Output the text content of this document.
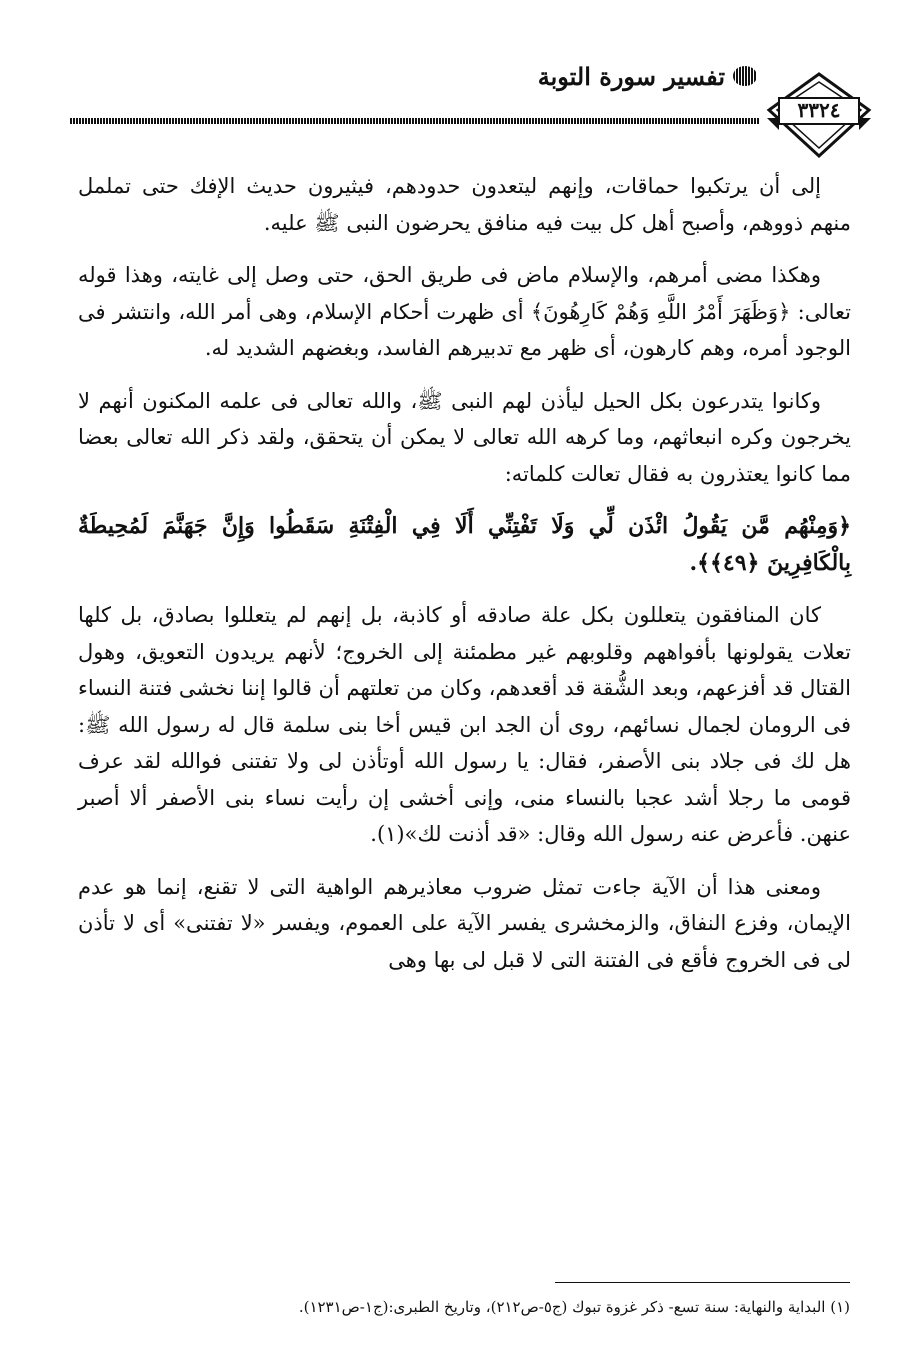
تفسير سورة التوبة
٣٣٢٤

إلى أن يرتكبوا حماقات، وإنهم ليتعدون حدودهم، فيثيرون حديث الإفك حتى تململ منهم ذووهم، وأصبح أهل كل بيت فيه منافق يحرضون النبى ﷺ عليه.

وهكذا مضى أمرهم، والإسلام ماض فى طريق الحق، حتى وصل إلى غايته، وهذا قوله تعالى: ﴿وَظَهَرَ أَمْرُ اللَّهِ وَهُمْ كَارِهُونَ﴾ أى ظهرت أحكام الإسلام، وهى أمر الله، وانتشر فى الوجود أمره، وهم كارهون، أى ظهر مع تدبيرهم الفاسد، وبغضهم الشديد له.

وكانوا يتدرعون بكل الحيل ليأذن لهم النبى ﷺ، والله تعالى فى علمه المكنون أنهم لا يخرجون وكره انبعاثهم، وما كرهه الله تعالى لا يمكن أن يتحقق، ولقد ذكر الله تعالى بعضا مما كانوا يعتذرون به فقال تعالت كلماته:

﴿وَمِنْهُم مَّن يَقُولُ ائْذَن لِّي وَلَا تَفْتِنِّي أَلَا فِي الْفِتْنَةِ سَقَطُوا وَإِنَّ جَهَنَّمَ لَمُحِيطَةٌ بِالْكَافِرِينَ ﴿٤٩﴾﴾.

كان المنافقون يتعللون بكل علة صادقه أو كاذبة، بل إنهم لم يتعللوا بصادق، بل كلها تعلات يقولونها بأفواههم وقلوبهم غير مطمئنة إلى الخروج؛ لأنهم يريدون التعويق، وهول القتال قد أفزعهم، وبعد الشُّقة قد أقعدهم، وكان من تعلتهم أن قالوا إننا نخشى فتنة النساء فى الرومان لجمال نسائهم، روى أن الجد ابن قيس أخا بنى سلمة قال له رسول الله ﷺ: هل لك فى جلاد بنى الأصفر، فقال: يا رسول الله أوتأذن لى ولا تفتنى فوالله لقد عرف قومى ما رجلا أشد عجبا بالنساء منى، وإنى أخشى إن رأيت نساء بنى الأصفر ألا أصبر عنهن. فأعرض عنه رسول الله وقال: «قد أذنت لك»(١).

ومعنى هذا أن الآية جاءت تمثل ضروب معاذيرهم الواهية التى لا تقنع، إنما هو عدم الإيمان، وفزع النفاق، والزمخشرى يفسر الآية على العموم، ويفسر «لا تفتنى» أى لا تأذن لى فى الخروج فأقع فى الفتنة التى لا قبل لى بها وهى

(١) البداية والنهاية: سنة تسع- ذكر غزوة تبوك (ج٥-ص٢١٢)، وتاريخ الطبرى:(ج١-ص١٢٣١).
